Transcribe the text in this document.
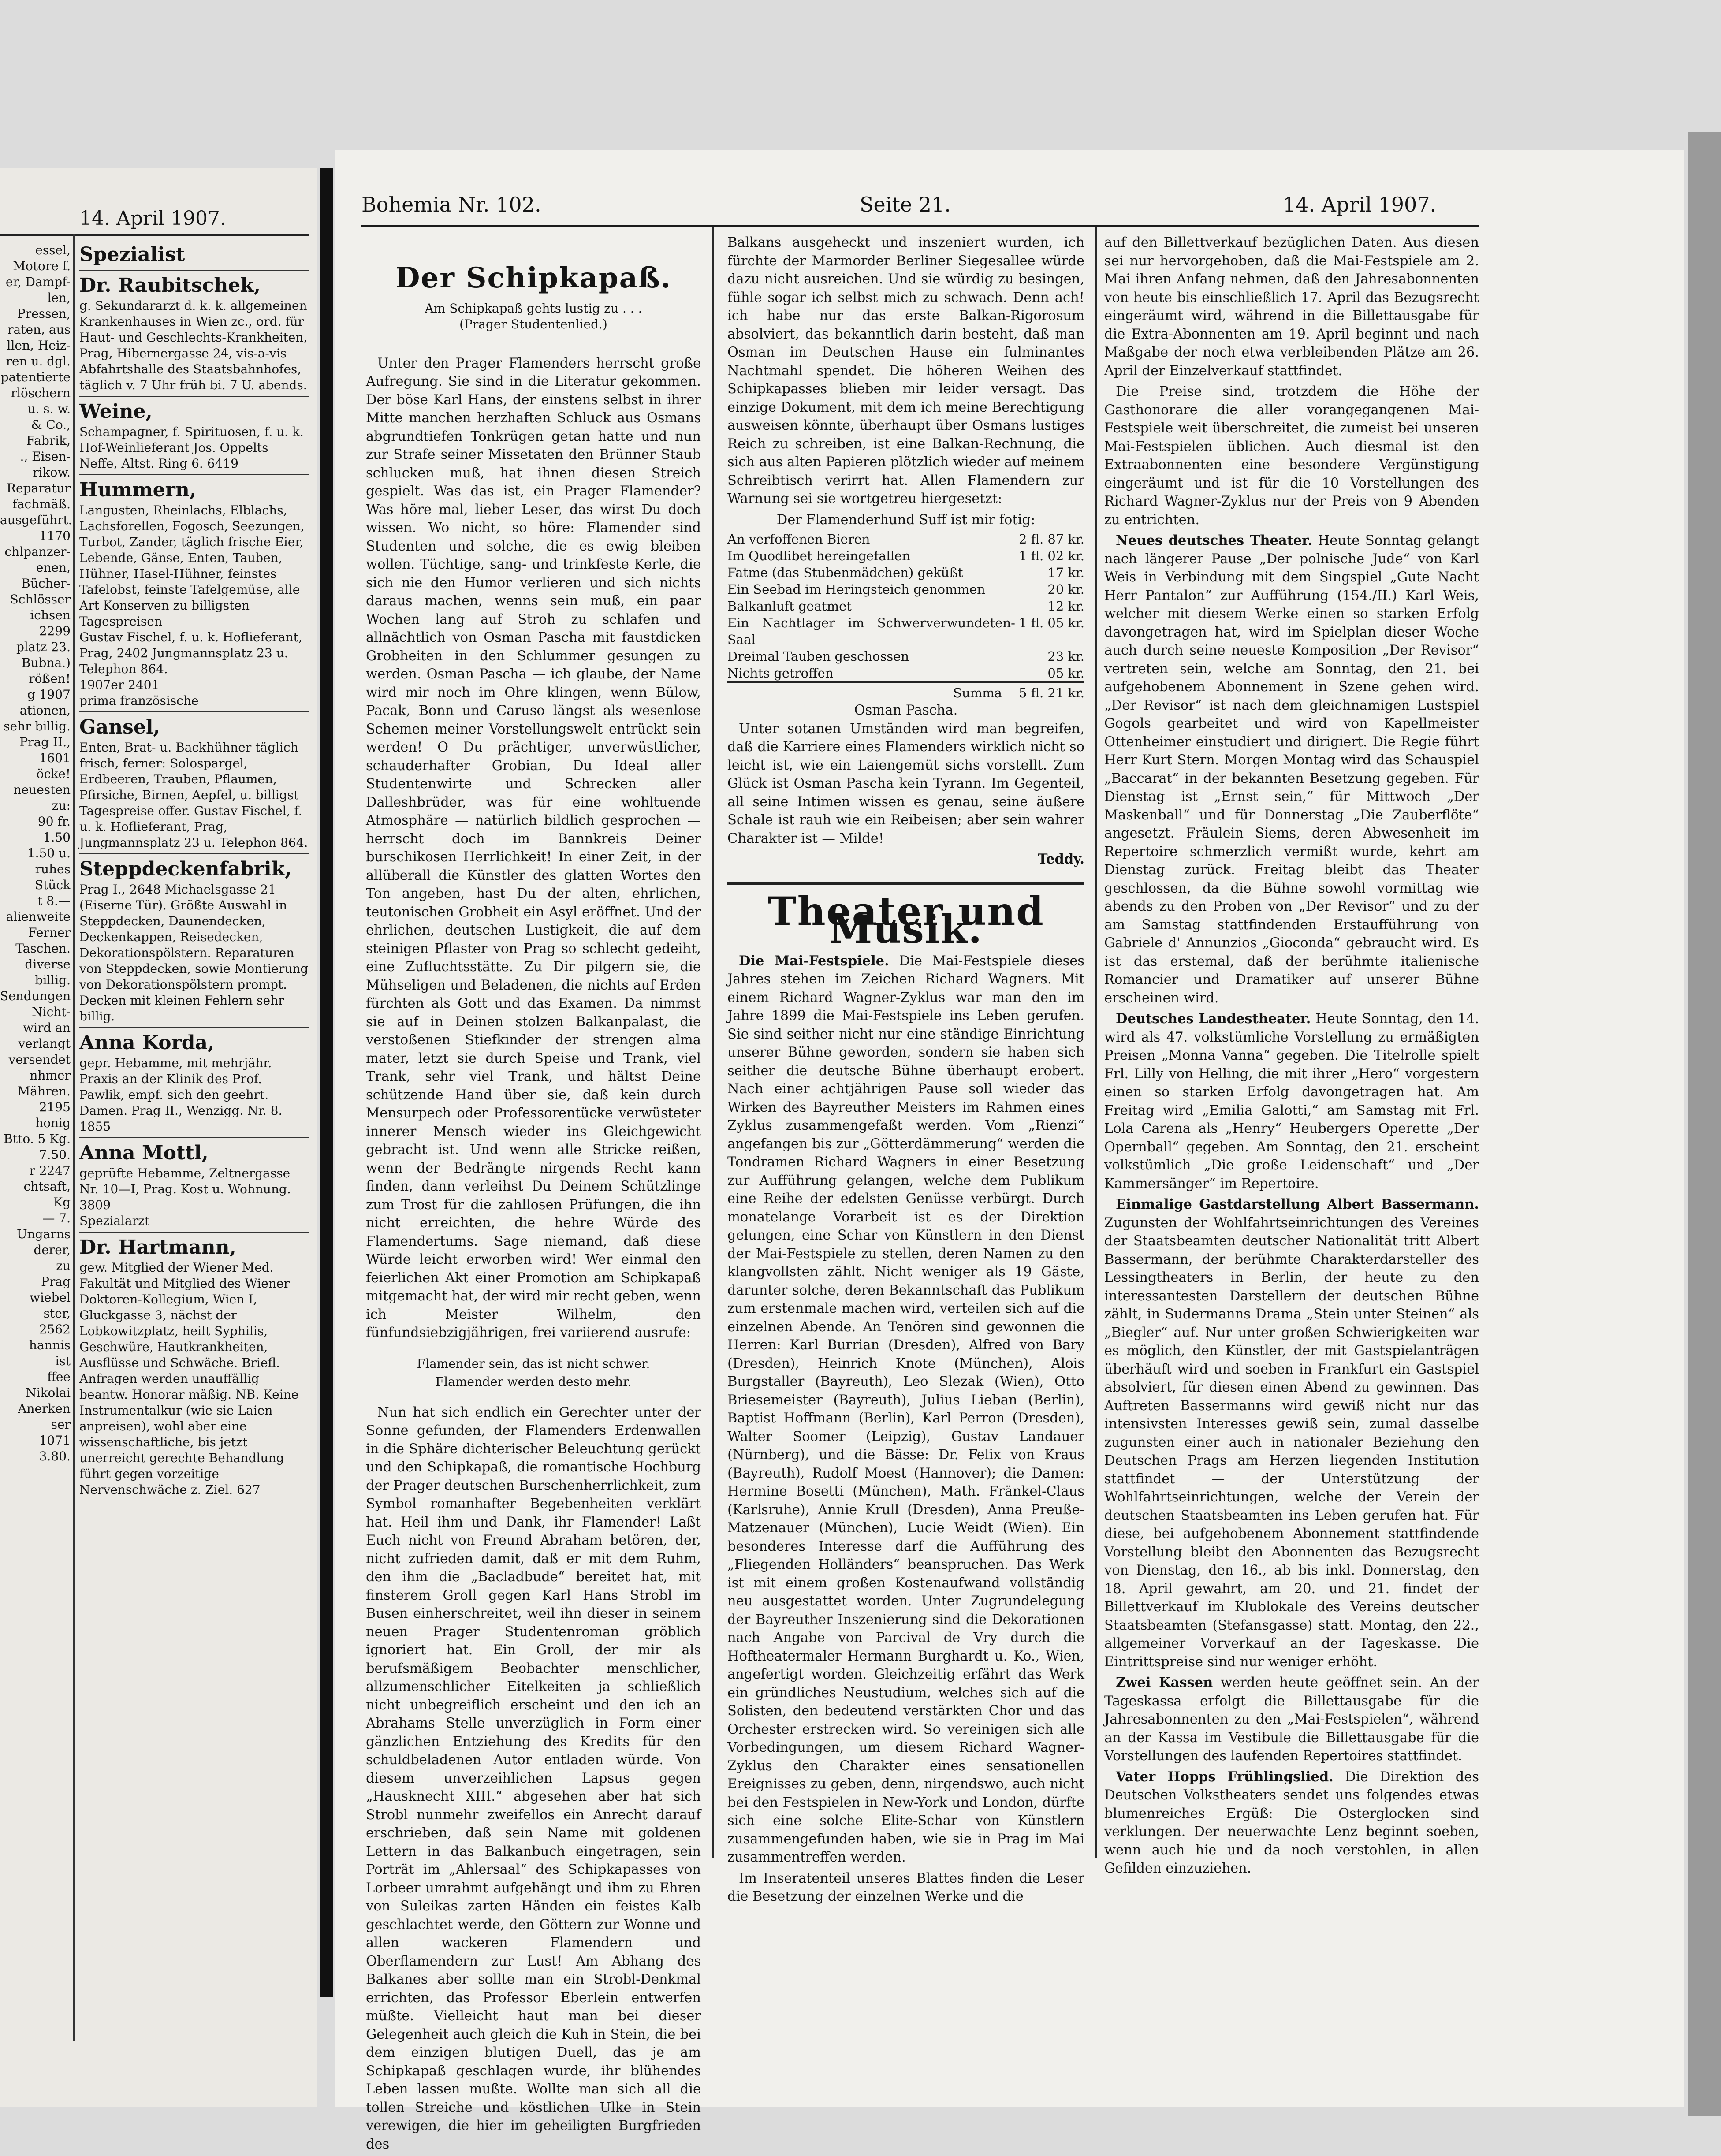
14. April 1907.
essel,
Motore f.
er, Dampf-
len, Pressen,
raten, aus
llen, Heiz-
ren u. dgl.
patentierte
rlöschern
u. s. w.
& Co.,
Fabrik,
., Eisen-
rikow.
Reparatur
fachmäß.
ausgeführt.
1170
chlpanzer-
enen,
Bücher-
Schlösser
ichsen
2299
platz 23.
Bubna.)
rößen!
g 1907
ationen,
sehr billig.
Prag II.,
1601
öcke!
neuesten
zu:
90 fr.
1.50
1.50 u.
ruhes
Stück
t 8.—
alienweite
Ferner
Taschen.
diverse
billig.
Sendungen
Nicht-
wird an
verlangt
versendet
nhmer
Mähren.
2195
honig
Btto. 5 Kg.
7.50.
r 2247
chtsaft,
Kg
— 7.
Ungarns
derer,
zu
Prag
wiebel
ster,
2562
hannis
ist
ffee
Nikolai
Anerken
ser
1071
3.80.
Spezialist
Dr. Raubitschek,
g. Sekundararzt d. k. k. allgemeinen Krankenhauses in Wien zc., ord. für Haut- und Geschlechts-Krankheiten, Prag, Hibernergasse 24, vis-a-vis Abfahrtshalle des Staatsbahnhofes, täglich v. 7 Uhr früh bi. 7 U. abends.
Weine,
Schampagner, f. Spirituosen, f. u. k. Hof-Weinlieferant Jos. Oppelts Neffe, Altst. Ring 6. 6419
Hummern,
Langusten, Rheinlachs, Elblachs, Lachsforellen, Fogosch, Seezungen, Turbot, Zander, täglich frische Eier, Lebende, Gänse, Enten, Tauben, Hühner, Hasel-Hühner, feinstes Tafelobst, feinste Tafelgemüse, alle Art Konserven zu billigsten Tagespreisen
Gustav Fischel, f. u. k. Hoflieferant, Prag, 2402 Jungmannsplatz 23 u. Telephon 864.
1907er 2401
prima französische
Gansel,
Enten, Brat- u. Backhühner täglich frisch, ferner: Solospargel, Erdbeeren, Trauben, Pflaumen, Pfirsiche, Birnen, Aepfel, u. billigst Tagespreise offer. Gustav Fischel, f. u. k. Hoflieferant, Prag, Jungmannsplatz 23 u. Telephon 864.
Steppdeckenfabrik,
Prag I., 2648 Michaelsgasse 21 (Eiserne Tür). Größte Auswahl in Steppdecken, Daunendecken, Deckenkappen, Reisedecken, Dekorationspölstern. Reparaturen von Steppdecken, sowie Montierung von Dekorationspölstern prompt. Decken mit kleinen Fehlern sehr billig.
Anna Korda,
gepr. Hebamme, mit mehrjähr. Praxis an der Klinik des Prof. Pawlik, empf. sich den geehrt. Damen. Prag II., Wenzigg. Nr. 8. 1855
Anna Mottl,
geprüfte Hebamme, Zeltnergasse Nr. 10—I, Prag. Kost u. Wohnung. 3809
Spezialarzt
Dr. Hartmann,
gew. Mitglied der Wiener Med. Fakultät und Mitglied des Wiener Doktoren-Kollegium, Wien I, Gluckgasse 3, nächst der Lobkowitzplatz, heilt Syphilis, Geschwüre, Hautkrankheiten, Ausflüsse und Schwäche. Briefl. Anfragen werden unauffällig beantw. Honorar mäßig. NB. Keine Instrumentalkur (wie sie Laien anpreisen), wohl aber eine wissenschaftliche, bis jetzt unerreicht gerechte Behandlung führt gegen vorzeitige Nervenschwäche z. Ziel. 627
Bohemia Nr. 102.	Seite 21.	14. April 1907.
Der Schipkapaß.
Am Schipkapaß gehts lustig zu . . .
(Prager Studentenlied.)

Unter den Prager Flamenders herrscht große Aufregung. Sie sind in die Literatur gekommen. Der böse Karl Hans, der einstens selbst in ihrer Mitte manchen herzhaften Schluck aus Osmans abgrundtiefen Tonkrügen getan hatte und nun zur Strafe seiner Missetaten den Brünner Staub schlucken muß, hat ihnen diesen Streich gespielt. Was das ist, ein Prager Flamender? Was höre mal, lieber Leser, das wirst Du doch wissen. Wo nicht, so höre: Flamender sind Studenten und solche, die es ewig bleiben wollen. Tüchtige, sang- und trinkfeste Kerle, die sich nie den Humor verlieren und sich nichts daraus machen, wenns sein muß, ein paar Wochen lang auf Stroh zu schlafen und allnächtlich von Osman Pascha mit faustdicken Grobheiten in den Schlummer gesungen zu werden. Osman Pascha — ich glaube, der Name wird mir noch im Ohre klingen, wenn Bülow, Pacak, Bonn und Caruso längst als wesenlose Schemen meiner Vorstellungswelt entrückt sein werden! O Du prächtiger, unverwüstlicher, schauderhafter Grobian, Du Ideal aller Studentenwirte und Schrecken aller Dalleshbrüder, was für eine wohltuende Atmosphäre — natürlich bildlich gesprochen — herrscht doch im Bannkreis Deiner burschikosen Herrlichkeit! In einer Zeit, in der allüberall die Künstler des glatten Wortes den Ton angeben, hast Du der alten, ehrlichen, teutonischen Grobheit ein Asyl eröffnet. Und der ehrlichen, deutschen Lustigkeit, die auf dem steinigen Pflaster von Prag so schlecht gedeiht, eine Zufluchtsstätte. Zu Dir pilgern sie, die Mühseligen und Beladenen, die nichts auf Erden fürchten als Gott und das Examen. Da nimmst sie auf in Deinen stolzen Balkanpalast, die verstoßenen Stiefkinder der strengen alma mater, letzt sie durch Speise und Trank, viel Trank, sehr viel Trank, und hältst Deine schützende Hand über sie, daß kein durch Mensurpech oder Professorentücke verwüsteter innerer Mensch wieder ins Gleichgewicht gebracht ist. Und wenn alle Stricke reißen, wenn der Bedrängte nirgends Recht kann finden, dann verleihst Du Deinem Schützlinge zum Trost für die zahllosen Prüfungen, die ihn nicht erreichten, die hehre Würde des Flamendertums. Sage niemand, daß diese Würde leicht erworben wird! Wer einmal den feierlichen Akt einer Promotion am Schipkapaß mitgemacht hat, der wird mir recht geben, wenn ich Meister Wilhelm, den fünfundsiebzigjährigen, frei variierend ausrufe:

Flamender sein, das ist nicht schwer.
Flamender werden desto mehr.

Nun hat sich endlich ein Gerechter unter der Sonne gefunden, der Flamenders Erdenwallen in die Sphäre dichterischer Beleuchtung gerückt und den Schipkapaß, die romantische Hochburg der Prager deutschen Burschenherrlichkeit, zum Symbol romanhafter Begebenheiten verklärt hat. Heil ihm und Dank, ihr Flamender! Laßt Euch nicht von Freund Abraham betören, der, nicht zufrieden damit, daß er mit dem Ruhm, den ihm die „Bacladbude“ bereitet hat, mit finsterem Groll gegen Karl Hans Strobl im Busen einherschreitet, weil ihn dieser in seinem neuen Prager Studentenroman gröblich ignoriert hat. Ein Groll, der mir als berufsmäßigem Beobachter menschlicher, allzumenschlicher Eitelkeiten ja schließlich nicht unbegreiflich erscheint und den ich an Abrahams Stelle unverzüglich in Form einer gänzlichen Entziehung des Kredits für den schuldbeladenen Autor entladen würde. Von diesem unverzeihlichen Lapsus gegen „Hausknecht XIII.“ abgesehen aber hat sich Strobl nunmehr zweifellos ein Anrecht darauf erschrieben, daß sein Name mit goldenen Lettern in das Balkanbuch eingetragen, sein Porträt im „Ahlersaal“ des Schipkapasses von Lorbeer umrahmt aufgehängt und ihm zu Ehren von Suleikas zarten Händen ein feistes Kalb geschlachtet werde, den Göttern zur Wonne und allen wackeren Flamendern und Oberflamendern zur Lust! Am Abhang des Balkanes aber sollte man ein Strobl-Denkmal errichten, das Professor Eberlein entwerfen müßte. Vielleicht haut man bei dieser Gelegenheit auch gleich die Kuh in Stein, die bei dem einzigen blutigen Duell, das je am Schipkapaß geschlagen wurde, ihr blühendes Leben lassen mußte. Wollte man sich all die tollen Streiche und köstlichen Ulke in Stein verewigen, die hier im geheiligten Burgfrieden des

Balkans ausgeheckt und inszeniert wurden, ich fürchte der Marmorder Berliner Siegesallee würde dazu nicht ausreichen. Und sie würdig zu besingen, fühle sogar ich selbst mich zu schwach. Denn ach! ich habe nur das erste Balkan-Rigorosum absolviert, das bekanntlich darin besteht, daß man Osman im Deutschen Hause ein fulminantes Nachtmahl spendet. Die höheren Weihen des Schipkapasses blieben mir leider versagt. Das einzige Dokument, mit dem ich meine Berechtigung ausweisen könnte, überhaupt über Osmans lustiges Reich zu schreiben, ist eine Balkan-Rechnung, die sich aus alten Papieren plötzlich wieder auf meinem Schreibtisch verirrt hat. Allen Flamendern zur Warnung sei sie wortgetreu hiergesetzt:

Der Flamenderhund Suff ist mir fotig:
An verfoffenen Bieren	2 fl. 87 kr.
Im Quodlibet hereingefallen	1 fl. 02 kr.
Fatme (das Stubenmädchen) geküßt	17 kr.
Ein Seebad im Heringsteich genommen	20 kr.
Balkanluft geatmet	12 kr.
Ein Nachtlager im Schwerverwundeten-Saal	1 fl. 05 kr.
Dreimal Tauben geschossen	23 kr.
Nichts getroffen	05 kr.
Summa	5 fl. 21 kr.
Osman Pascha.

Unter sotanen Umständen wird man begreifen, daß die Karriere eines Flamenders wirklich nicht so leicht ist, wie ein Laiengemüt sichs vorstellt. Zum Glück ist Osman Pascha kein Tyrann. Im Gegenteil, all seine Intimen wissen es genau, seine äußere Schale ist rauh wie ein Reibeisen; aber sein wahrer Charakter ist — Milde!

Teddy.
Theater und Musik.

Die Mai-Festspiele. Die Mai-Festspiele dieses Jahres stehen im Zeichen Richard Wagners. Mit einem Richard Wagner-Zyklus war man den im Jahre 1899 die Mai-Festspiele ins Leben gerufen. Sie sind seither nicht nur eine ständige Einrichtung unserer Bühne geworden, sondern sie haben sich seither die deutsche Bühne überhaupt erobert. Nach einer achtjährigen Pause soll wieder das Wirken des Bayreuther Meisters im Rahmen eines Zyklus zusammengefaßt werden. Vom „Rienzi“ angefangen bis zur „Götterdämmerung“ werden die Tondramen Richard Wagners in einer Besetzung zur Aufführung gelangen, welche dem Publikum eine Reihe der edelsten Genüsse verbürgt. Durch monatelange Vorarbeit ist es der Direktion gelungen, eine Schar von Künstlern in den Dienst der Mai-Festspiele zu stellen, deren Namen zu den klangvollsten zählt. Nicht weniger als 19 Gäste, darunter solche, deren Bekanntschaft das Publikum zum erstenmale machen wird, verteilen sich auf die einzelnen Abende. An Tenören sind gewonnen die Herren: Karl Burrian (Dresden), Alfred von Bary (Dresden), Heinrich Knote (München), Alois Burgstaller (Bayreuth), Leo Slezak (Wien), Otto Briesemeister (Bayreuth), Julius Lieban (Berlin), Baptist Hoffmann (Berlin), Karl Perron (Dresden), Walter Soomer (Leipzig), Gustav Landauer (Nürnberg), und die Bässe: Dr. Felix von Kraus (Bayreuth), Rudolf Moest (Hannover); die Damen: Hermine Bosetti (München), Math. Fränkel-Claus (Karlsruhe), Annie Krull (Dresden), Anna Preuße-Matzenauer (München), Lucie Weidt (Wien). Ein besonderes Interesse darf die Aufführung des „Fliegenden Holländers“ beanspruchen. Das Werk ist mit einem großen Kostenaufwand vollständig neu ausgestattet worden. Unter Zugrundelegung der Bayreuther Inszenierung sind die Dekorationen nach Angabe von Parcival de Vry durch die Hoftheatermaler Hermann Burghardt u. Ko., Wien, angefertigt worden. Gleichzeitig erfährt das Werk ein gründliches Neustudium, welches sich auf die Solisten, den bedeutend verstärkten Chor und das Orchester erstrecken wird. So vereinigen sich alle Vorbedingungen, um diesem Richard Wagner-Zyklus den Charakter eines sensationellen Ereignisses zu geben, denn, nirgendswo, auch nicht bei den Festspielen in New-York und London, dürfte sich eine solche Elite-Schar von Künstlern zusammengefunden haben, wie sie in Prag im Mai zusammentreffen werden.

Im Inseratenteil unseres Blattes finden die Leser die Besetzung der einzelnen Werke und die

auf den Billettverkauf bezüglichen Daten. Aus diesen sei nur hervorgehoben, daß die Mai-Festspiele am 2. Mai ihren Anfang nehmen, daß den Jahresabonnenten von heute bis einschließlich 17. April das Bezugsrecht eingeräumt wird, während in die Billettausgabe für die Extra-Abonnenten am 19. April beginnt und nach Maßgabe der noch etwa verbleibenden Plätze am 26. April der Einzelverkauf stattfindet.

Die Preise sind, trotzdem die Höhe der Gasthonorare die aller vorangegangenen Mai-Festspiele weit überschreitet, die zumeist bei unseren Mai-Festspielen üblichen. Auch diesmal ist den Extraabonnenten eine besondere Vergünstigung eingeräumt und ist für die 10 Vorstellungen des Richard Wagner-Zyklus nur der Preis von 9 Abenden zu entrichten.

Neues deutsches Theater. Heute Sonntag gelangt nach längerer Pause „Der polnische Jude“ von Karl Weis in Verbindung mit dem Singspiel „Gute Nacht Herr Pantalon“ zur Aufführung (154./II.) Karl Weis, welcher mit diesem Werke einen so starken Erfolg davongetragen hat, wird im Spielplan dieser Woche auch durch seine neueste Komposition „Der Revisor“ vertreten sein, welche am Sonntag, den 21. bei aufgehobenem Abonnement in Szene gehen wird. „Der Revisor“ ist nach dem gleichnamigen Lustspiel Gogols gearbeitet und wird von Kapellmeister Ottenheimer einstudiert und dirigiert. Die Regie führt Herr Kurt Stern. Morgen Montag wird das Schauspiel „Baccarat“ in der bekannten Besetzung gegeben. Für Dienstag ist „Ernst sein,“ für Mittwoch „Der Maskenball“ und für Donnerstag „Die Zauberflöte“ angesetzt. Fräulein Siems, deren Abwesenheit im Repertoire schmerzlich vermißt wurde, kehrt am Dienstag zurück. Freitag bleibt das Theater geschlossen, da die Bühne sowohl vormittag wie abends zu den Proben von „Der Revisor“ und zu der am Samstag stattfindenden Erstaufführung von Gabriele d' Annunzios „Gioconda“ gebraucht wird. Es ist das erstemal, daß der berühmte italienische Romancier und Dramatiker auf unserer Bühne erscheinen wird.

Deutsches Landestheater. Heute Sonntag, den 14. wird als 47. volkstümliche Vorstellung zu ermäßigten Preisen „Monna Vanna“ gegeben. Die Titelrolle spielt Frl. Lilly von Helling, die mit ihrer „Hero“ vorgestern einen so starken Erfolg davongetragen hat. Am Freitag wird „Emilia Galotti,“ am Samstag mit Frl. Lola Carena als „Henry“ Heubergers Operette „Der Opernball“ gegeben. Am Sonntag, den 21. erscheint volkstümlich „Die große Leidenschaft“ und „Der Kammersänger“ im Repertoire.

Einmalige Gastdarstellung Albert Bassermann. Zugunsten der Wohlfahrtseinrichtungen des Vereines der Staatsbeamten deutscher Nationalität tritt Albert Bassermann, der berühmte Charakterdarsteller des Lessingtheaters in Berlin, der heute zu den interessantesten Darstellern der deutschen Bühne zählt, in Sudermanns Drama „Stein unter Steinen“ als „Biegler“ auf. Nur unter großen Schwierigkeiten war es möglich, den Künstler, der mit Gastspielanträgen überhäuft wird und soeben in Frankfurt ein Gastspiel absolviert, für diesen einen Abend zu gewinnen. Das Auftreten Bassermanns wird gewiß nicht nur das intensivsten Interesses gewiß sein, zumal dasselbe zugunsten einer auch in nationaler Beziehung den Deutschen Prags am Herzen liegenden Institution stattfindet — der Unterstützung der Wohlfahrtseinrichtungen, welche der Verein der deutschen Staatsbeamten ins Leben gerufen hat. Für diese, bei aufgehobenem Abonnement stattfindende Vorstellung bleibt den Abonnenten das Bezugsrecht von Dienstag, den 16., ab bis inkl. Donnerstag, den 18. April gewahrt, am 20. und 21. findet der Billettverkauf im Klublokale des Vereins deutscher Staatsbeamten (Stefansgasse) statt. Montag, den 22., allgemeiner Vorverkauf an der Tageskasse. Die Eintrittspreise sind nur weniger erhöht.

Zwei Kassen werden heute geöffnet sein. An der Tageskassa erfolgt die Billettausgabe für die Jahresabonnenten zu den „Mai-Festspielen“, während an der Kassa im Vestibule die Billettausgabe für die Vorstellungen des laufenden Repertoires stattfindet.

Vater Hopps Frühlingslied. Die Direktion des Deutschen Volkstheaters sendet uns folgendes etwas blumenreiches Ergüß: Die Osterglocken sind verklungen. Der neuerwachte Lenz beginnt soeben, wenn auch hie und da noch verstohlen, in allen Gefilden einzuziehen.
